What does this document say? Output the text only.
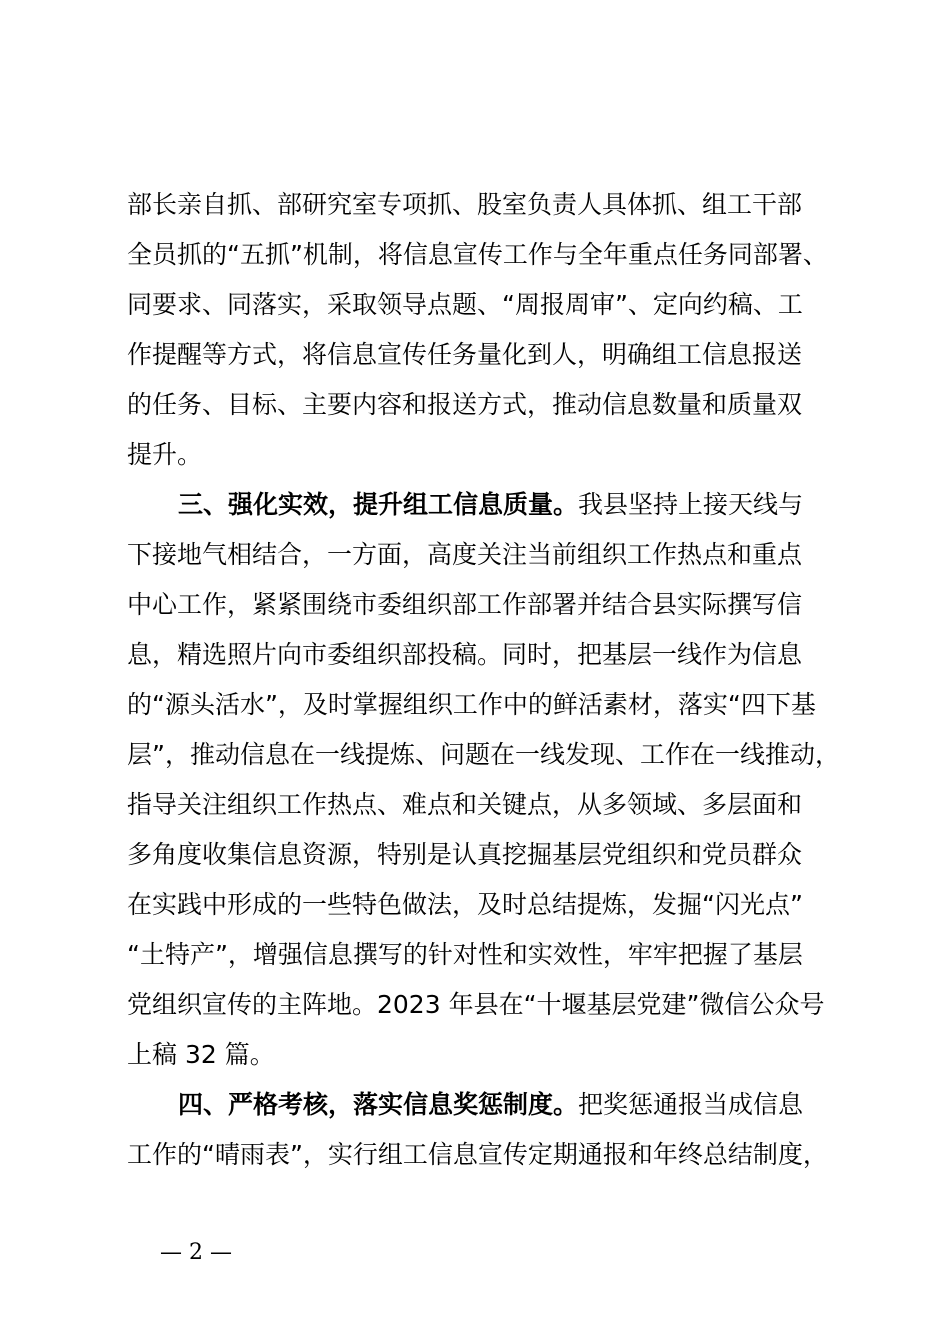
部长亲自抓、部研究室专项抓、股室负责人具体抓、组工干部
全员抓的“五抓”机制，将信息宣传工作与全年重点任务同部署、
同要求、同落实，采取领导点题、“周报周审”、定向约稿、工
作提醒等方式，将信息宣传任务量化到人，明确组工信息报送
的任务、目标、主要内容和报送方式，推动信息数量和质量双
提升。
三、强化实效，提升组工信息质量。我县坚持上接天线与
下接地气相结合，一方面，高度关注当前组织工作热点和重点
中心工作，紧紧围绕市委组织部工作部署并结合县实际撰写信
息，精选照片向市委组织部投稿。同时，把基层一线作为信息
的“源头活水”，及时掌握组织工作中的鲜活素材，落实“四下基
层”，推动信息在一线提炼、问题在一线发现、工作在一线推动，
指导关注组织工作热点、难点和关键点，从多领域、多层面和
多角度收集信息资源，特别是认真挖掘基层党组织和党员群众
在实践中形成的一些特色做法，及时总结提炼，发掘“闪光点”
“土特产”，增强信息撰写的针对性和实效性，牢牢把握了基层
党组织宣传的主阵地。2023 年县在“十堰基层党建”微信公众号
上稿 32 篇。
四、严格考核，落实信息奖惩制度。把奖惩通报当成信息
工作的“晴雨表”，实行组工信息宣传定期通报和年终总结制度，
— 2 —
